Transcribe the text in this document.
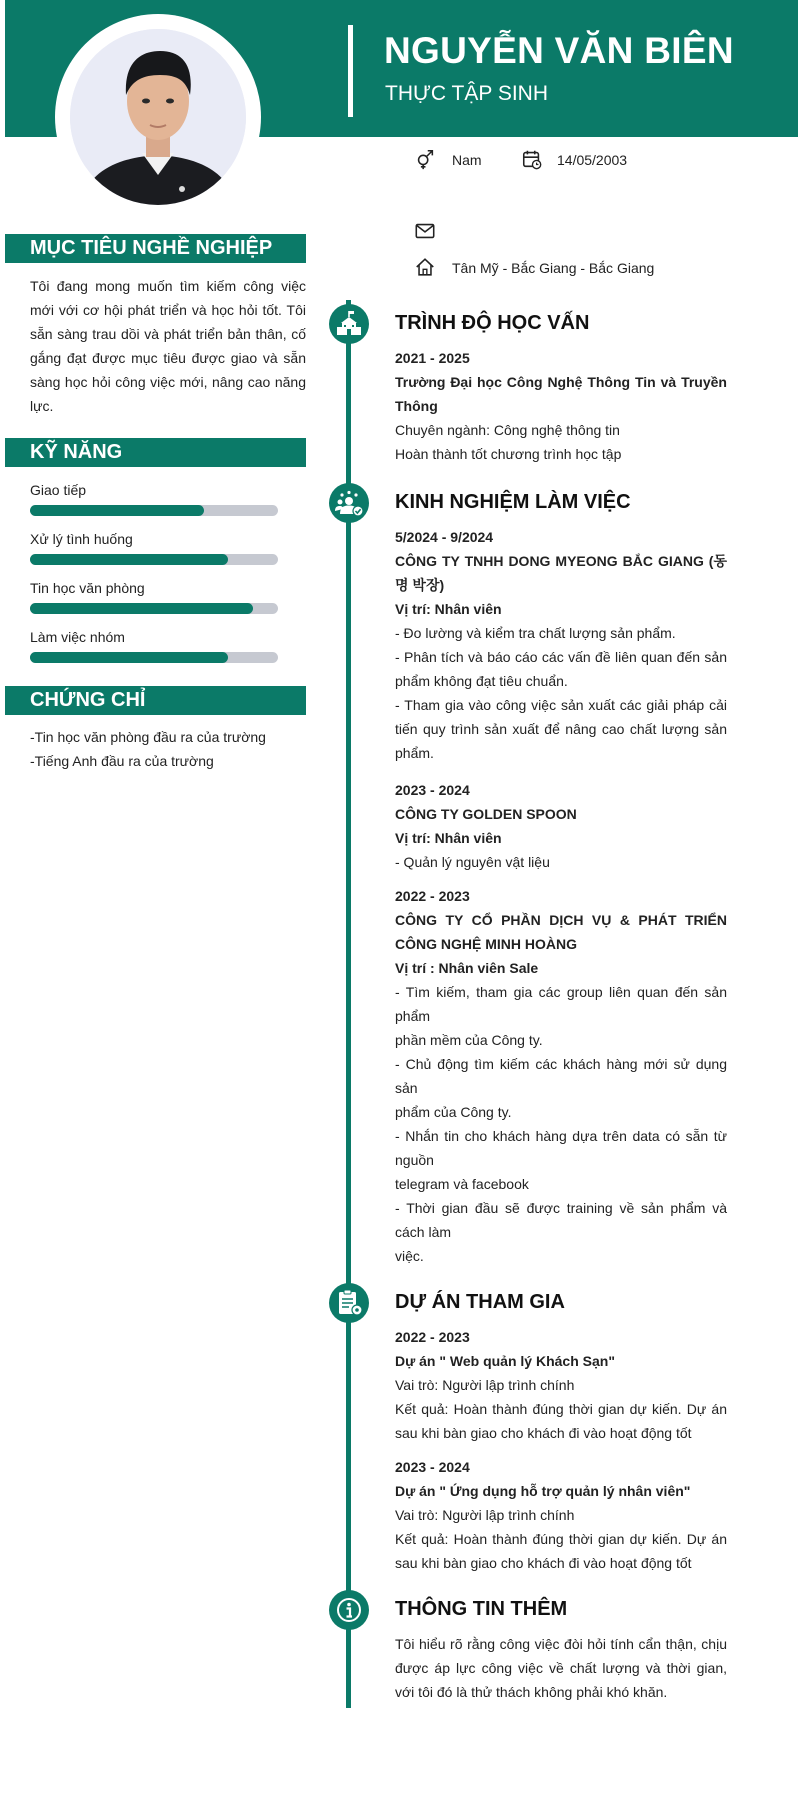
NGUYỄN VĂN BIÊN
THỰC TẬP SINH
Nam	14/05/2003
Tân Mỹ - Bắc Giang - Bắc Giang
MỤC TIÊU NGHỀ NGHIỆP
Tôi đang mong muốn tìm kiếm công việc mới với cơ hội phát triển và học hỏi tốt. Tôi sẵn sàng trau dồi và phát triển bản thân, cố gắng đạt được mục tiêu được giao và sẵn sàng học hỏi công việc mới, nâng cao năng lực.
KỸ NĂNG
Giao tiếp
Xử lý tình huống
Tin học văn phòng
Làm việc nhóm
CHỨNG CHỈ
-Tin học văn phòng đầu ra của trường
-Tiếng Anh đầu ra của trường
TRÌNH ĐỘ HỌC VẤN
2021 - 2025
Trường Đại học Công Nghệ Thông Tin và Truyền Thông
Chuyên ngành: Công nghệ thông tin
Hoàn thành tốt chương trình học tập
KINH NGHIỆM LÀM VIỆC
5/2024 - 9/2024
CÔNG TY TNHH DONG MYEONG BẮC GIANG (동명 박장)
Vị trí: Nhân viên
- Đo lường và kiểm tra chất lượng sản phẩm.
- Phân tích và báo cáo các vấn đề liên quan đến sản phẩm không đạt tiêu chuẩn.
- Tham gia vào công việc sản xuất các giải pháp cải tiến quy trình sản xuất để nâng cao chất lượng sản phẩm.
2023 - 2024
CÔNG TY GOLDEN SPOON
Vị trí: Nhân viên
- Quản lý nguyên vật liệu
2022 - 2023
CÔNG TY CỔ PHẦN DỊCH VỤ & PHÁT TRIỂN CÔNG NGHỆ MINH HOÀNG
Vị trí : Nhân viên Sale
- Tìm kiếm, tham gia các group liên quan đến sản phẩm
phần mềm của Công ty.
- Chủ động tìm kiếm các khách hàng mới sử dụng sản
phẩm của Công ty.
- Nhắn tin cho khách hàng dựa trên data có sẵn từ nguồn
telegram và facebook
- Thời gian đầu sẽ được training về sản phẩm và cách làm
việc.
DỰ ÁN THAM GIA
2022 - 2023
Dự án " Web quản lý Khách Sạn"
Vai trò: Người lập trình chính
Kết quả: Hoàn thành đúng thời gian dự kiến. Dự án sau khi bàn giao cho khách đi vào hoạt động tốt
2023 - 2024
Dự án " Ứng dụng hỗ trợ quản lý nhân viên"
Vai trò: Người lập trình chính
Kết quả: Hoàn thành đúng thời gian dự kiến. Dự án sau khi bàn giao cho khách đi vào hoạt động tốt
THÔNG TIN THÊM
Tôi hiểu rõ rằng công việc đòi hỏi tính cẩn thận, chịu được áp lực công việc về chất lượng và thời gian, với tôi đó là thử thách không phải khó khăn.
